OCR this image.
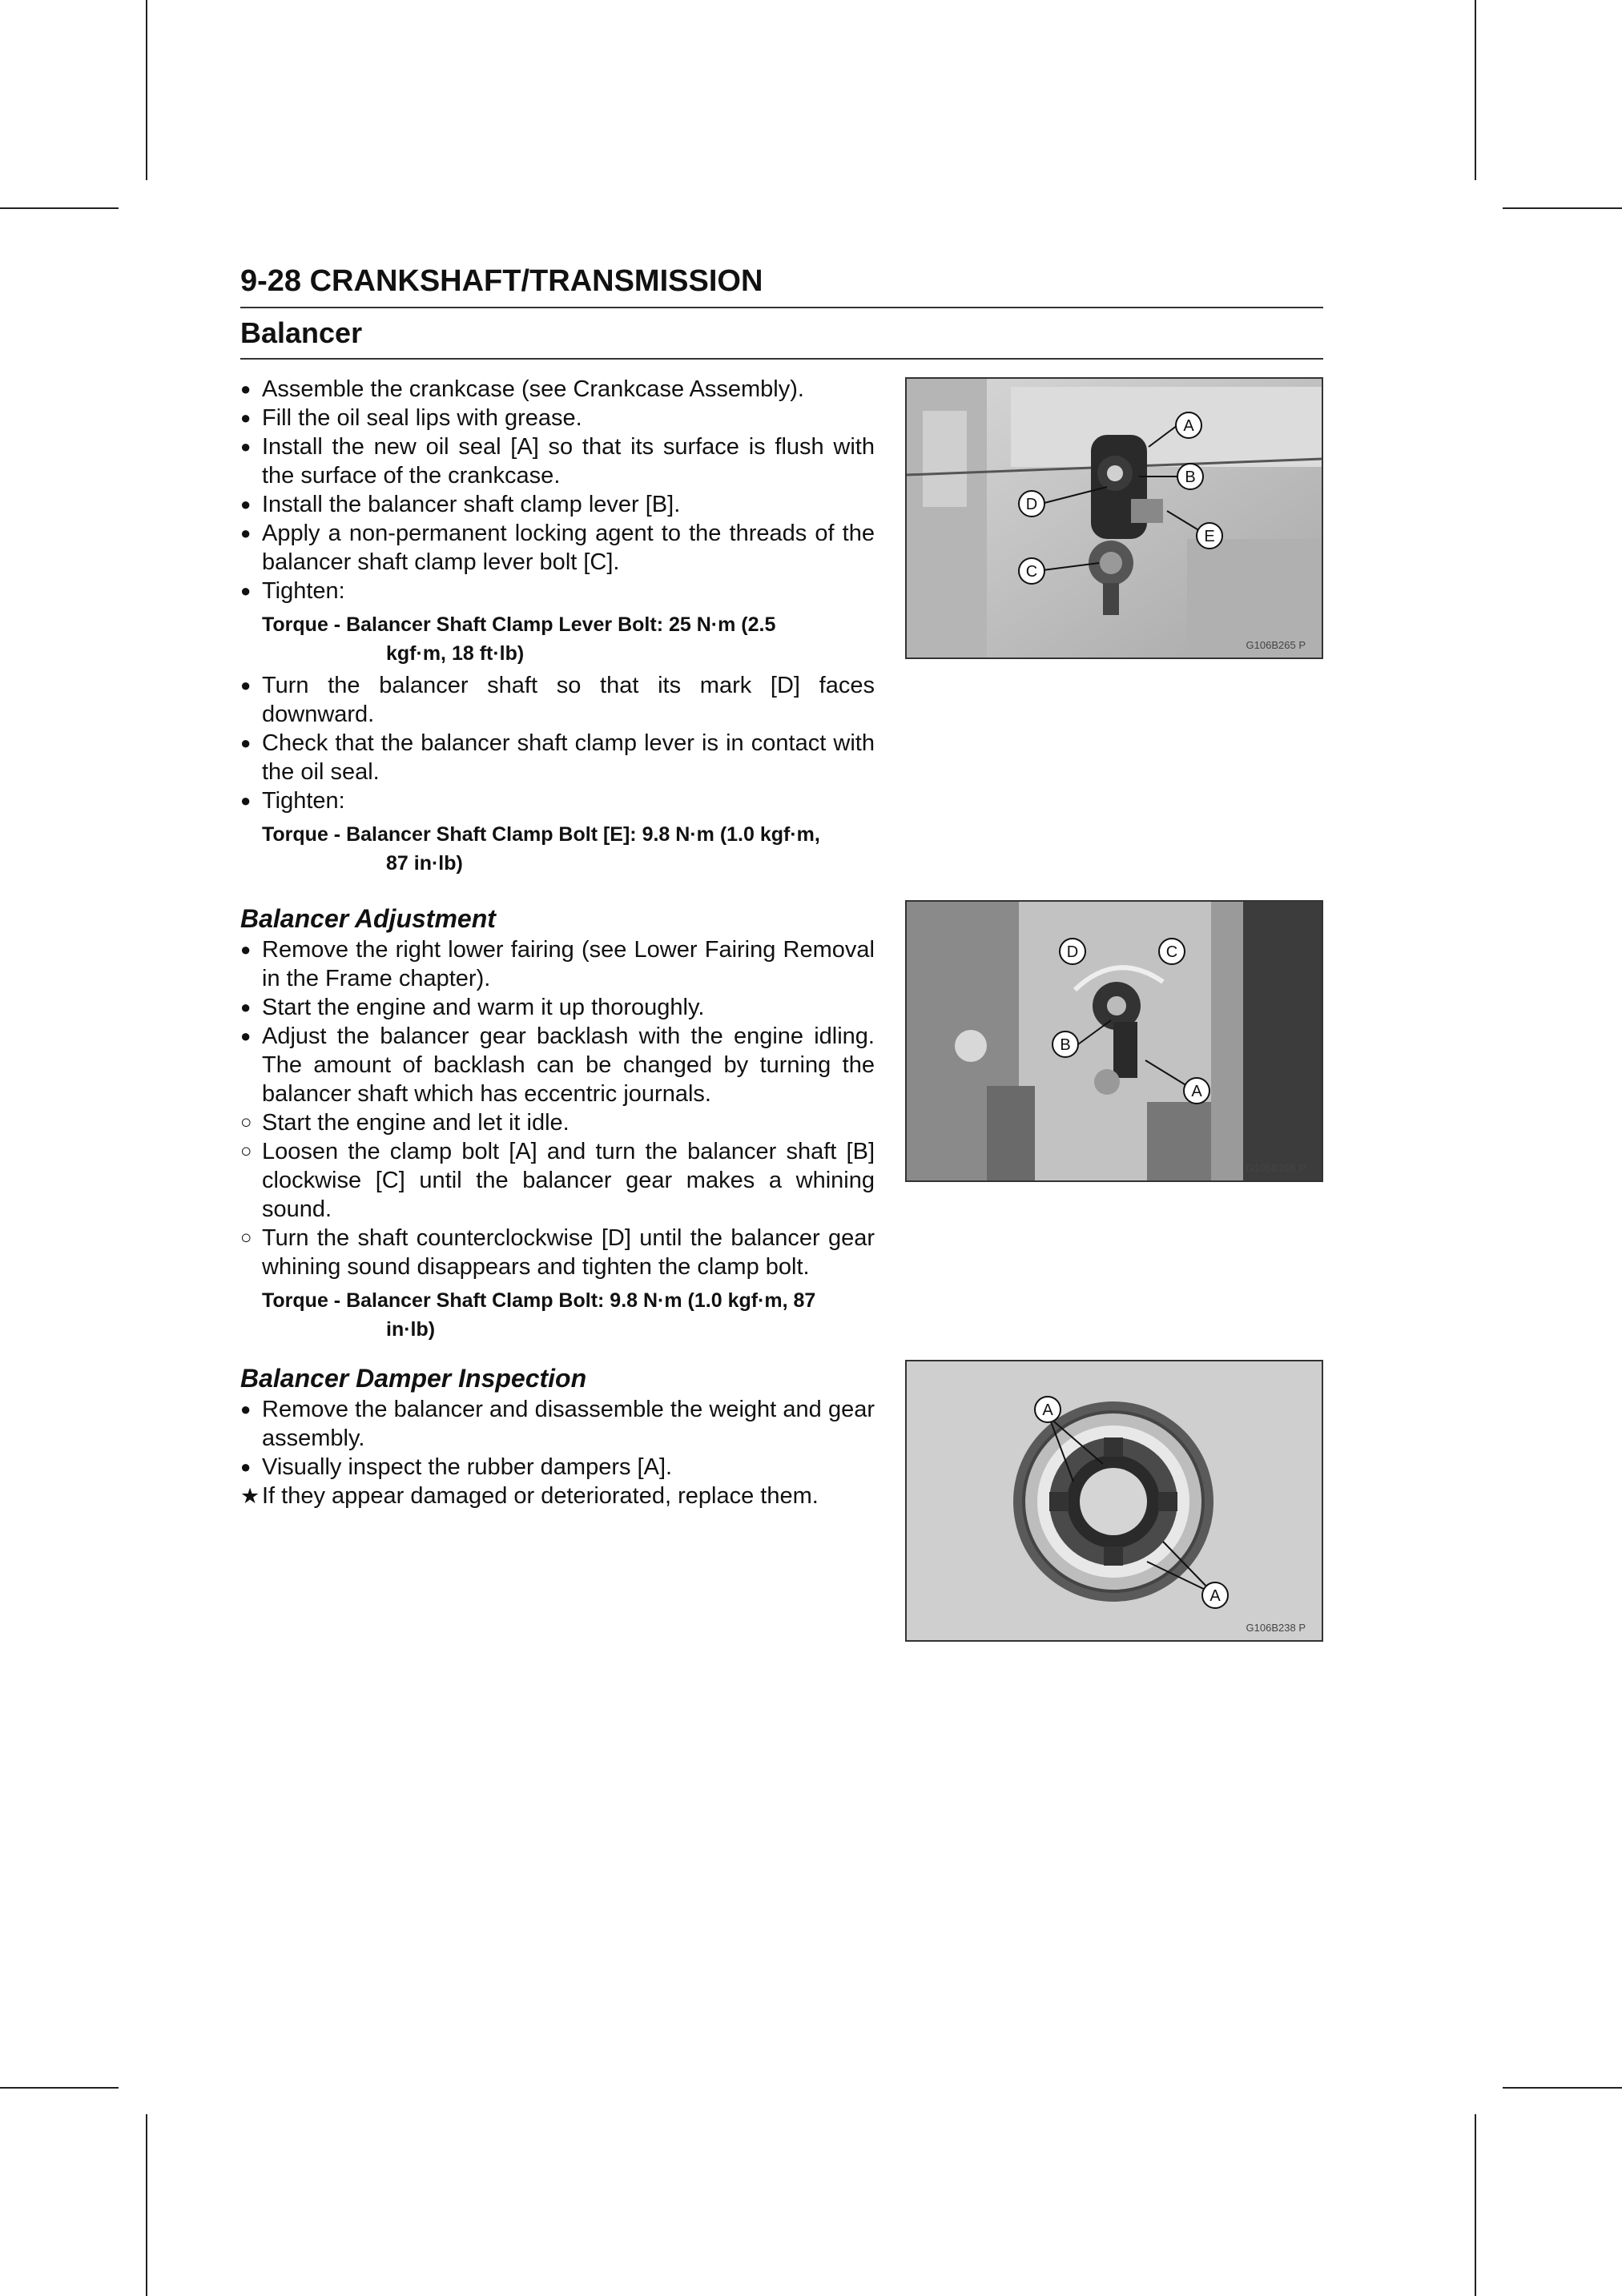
9-28 CRANKSHAFT/TRANSMISSION
Balancer
● Assemble the crankcase (see Crankcase Assembly).
● Fill the oil seal lips with grease.
● Install the new oil seal [A] so that its surface is flush with the surface of the crankcase.
● Install the balancer shaft clamp lever [B].
● Apply a non-permanent locking agent to the threads of the balancer shaft clamp lever bolt [C].
● Tighten:
Torque - Balancer Shaft Clamp Lever Bolt: 25 N·m (2.5
kgf·m, 18 ft·lb)
● Turn the balancer shaft so that its mark [D] faces downward.
● Check that the balancer shaft clamp lever is in contact with the oil seal.
● Tighten:
Torque - Balancer Shaft Clamp Bolt [E]: 9.8 N·m (1.0 kgf·m,
87 in·lb)
Balancer Adjustment
● Remove the right lower fairing (see Lower Fairing Removal in the Frame chapter).
● Start the engine and warm it up thoroughly.
● Adjust the balancer gear backlash with the engine idling. The amount of backlash can be changed by turning the balancer shaft which has eccentric journals.
○ Start the engine and let it idle.
○ Loosen the clamp bolt [A] and turn the balancer shaft [B] clockwise [C] until the balancer gear makes a whining sound.
○ Turn the shaft counterclockwise [D] until the balancer gear whining sound disappears and tighten the clamp bolt.
Torque - Balancer Shaft Clamp Bolt: 9.8 N·m (1.0 kgf·m, 87
in·lb)
Balancer Damper Inspection
● Remove the balancer and disassemble the weight and gear assembly.
● Visually inspect the rubber dampers [A].
★ If they appear damaged or deteriorated, replace them.
A
B
C
D
E
G106B265 P
A
B
C
D
G106B266 P
A
A
G106B238 P
